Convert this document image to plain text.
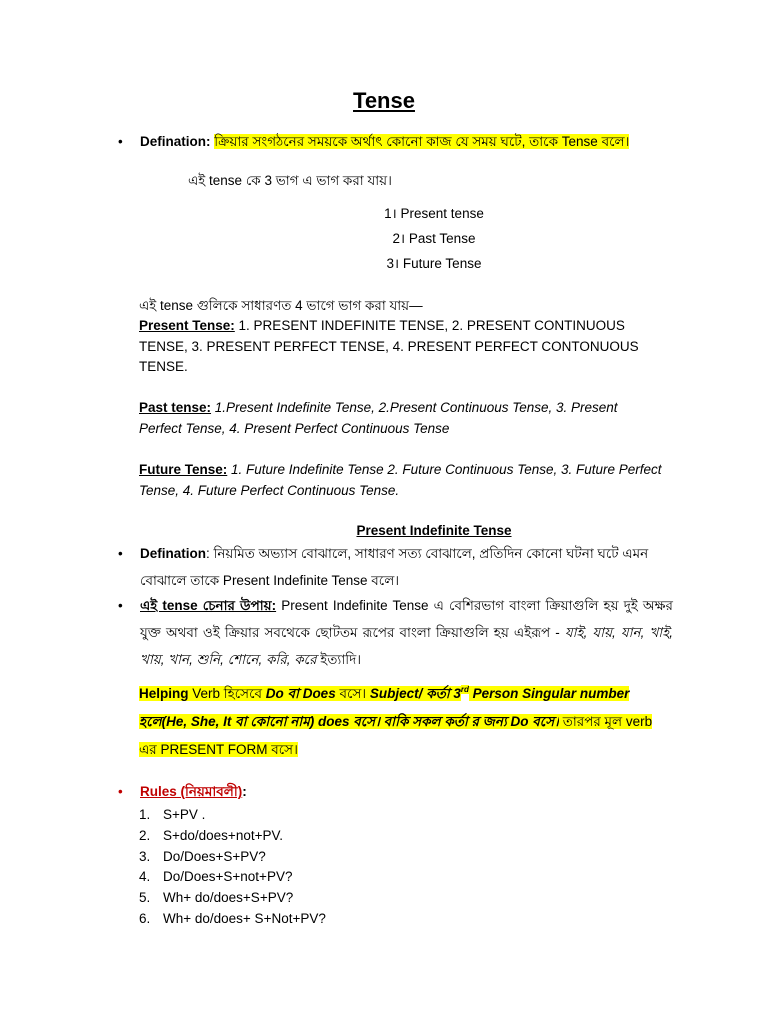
Tense
•	Defination: ক্রিয়ার সংগঠনের সময়কে অর্থাৎ কোনো কাজ যে সময় ঘটে, তাকে Tense বলে।
এই tense কে 3 ভাগ এ ভাগ করা যায়।
1। Present tense
2। Past Tense
3। Future Tense
এই tense গুলিকে সাধারণত 4 ভাগে ভাগ করা যায়—
Present Tense: 1. PRESENT INDEFINITE TENSE, 2. PRESENT CONTINUOUS TENSE, 3. PRESENT PERFECT TENSE, 4. PRESENT PERFECT CONTONUOUS TENSE.
Past tense: 1.Present Indefinite Tense, 2.Present Continuous Tense, 3. Present Perfect Tense, 4. Present Perfect Continuous Tense
Future Tense: 1. Future Indefinite Tense 2. Future Continuous Tense, 3. Future Perfect Tense, 4. Future Perfect Continuous Tense.
Present Indefinite Tense
•	Defination: নিয়মিত অভ্যাস বোঝালে, সাধারণ সত্য বোঝালে, প্রতিদিন কোনো ঘটনা ঘটে এমন বোঝালে তাকে Present Indefinite Tense বলে।
•	এই tense চেনার উপায়: Present Indefinite Tense এ বেশিরভাগ বাংলা ক্রিয়াগুলি হয় দুই অক্ষর যুক্ত অথবা ওই ক্রিয়ার সবথেকে ছোটতম রূপের বাংলা ক্রিয়াগুলি হয় এইরূপ - যাই, যায়, যান, খাই, খায়, খান, শুনি, শোনে, করি, করে ইত্যাদি।
Helping Verb হিসেবে Do বা Does বসে। Subject/ কর্তা 3rd Person Singular number হলে(He, She, It বা কোনো নাম) does বসে। বাকি সকল কর্তা র জন্য Do বসে। তারপর মূল verb এর PRESENT FORM বসে।
•	Rules (নিয়মাবলী):
1. S+PV .
2. S+do/does+not+PV.
3. Do/Does+S+PV?
4. Do/Does+S+not+PV?
5. Wh+ do/does+S+PV?
6. Wh+ do/does+ S+Not+PV?
